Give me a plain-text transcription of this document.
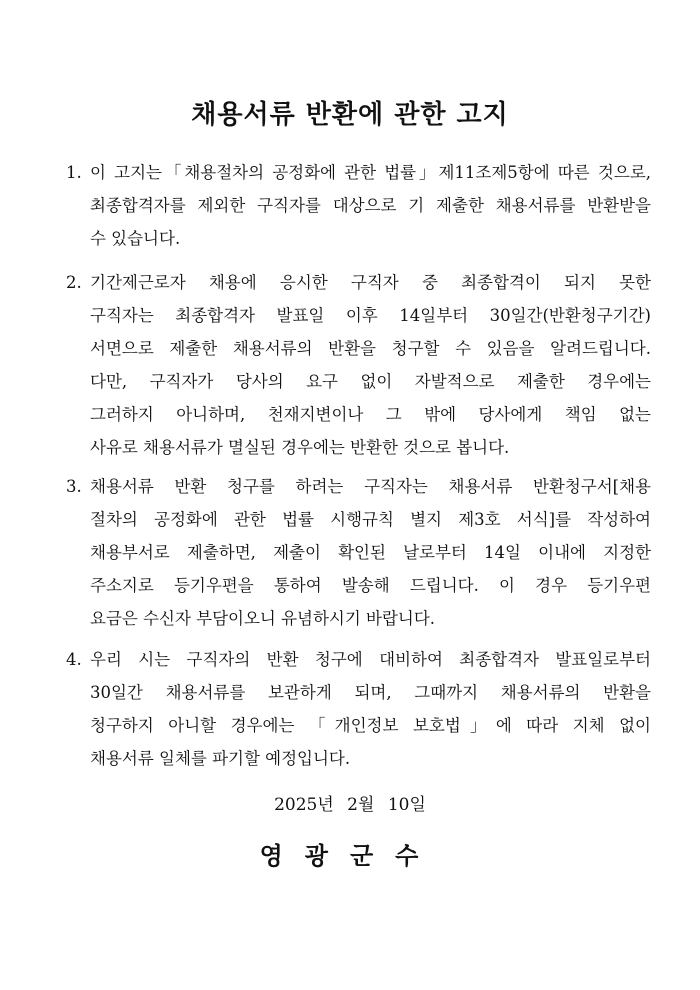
채용서류 반환에 관한 고지
1. 이 고지는「채용절차의 공정화에 관한 법률」제11조제5항에 따른 것으로,
최종합격자를 제외한 구직자를 대상으로 기 제출한 채용서류를 반환받을
수 있습니다.
2. 기간제근로자 채용에 응시한 구직자 중 최종합격이 되지 못한
구직자는 최종합격자 발표일 이후 14일부터 30일간(반환청구기간)
서면으로 제출한 채용서류의 반환을 청구할 수 있음을 알려드립니다.
다만, 구직자가 당사의 요구 없이 자발적으로 제출한 경우에는
그러하지 아니하며, 천재지변이나 그 밖에 당사에게 책임 없는
사유로 채용서류가 멸실된 경우에는 반환한 것으로 봅니다.
3. 채용서류 반환 청구를 하려는 구직자는 채용서류 반환청구서[채용
절차의 공정화에 관한 법률 시행규칙 별지 제3호 서식]를 작성하여
채용부서로 제출하면, 제출이 확인된 날로부터 14일 이내에 지정한
주소지로 등기우편을 통하여 발송해 드립니다. 이 경우 등기우편
요금은 수신자 부담이오니 유념하시기 바랍니다.
4. 우리 시는 구직자의 반환 청구에 대비하여 최종합격자 발표일로부터
30일간 채용서류를 보관하게 되며, 그때까지 채용서류의 반환을
청구하지 아니할 경우에는 「개인정보 보호법」에 따라 지체 없이
채용서류 일체를 파기할 예정입니다.
2025년 2월 10일
영광군수
